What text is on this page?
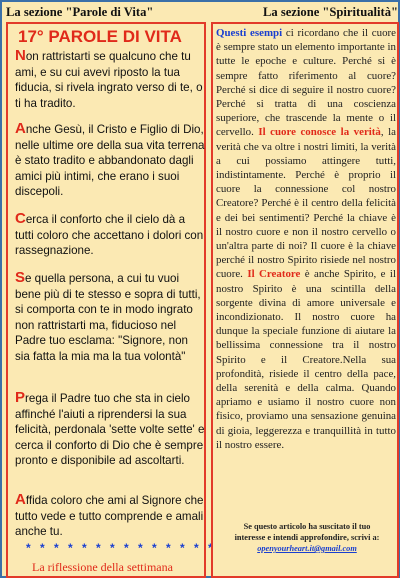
La sezione "Parole di Vita"	La sezione "Spiritualità"
17° PAROLE DI VITA
Non rattristarti se qualcuno che tu ami, e su cui avevi riposto la tua fiducia, si rivela ingrato verso di te, o ti ha tradito.
Anche Gesù, il Cristo e Figlio di Dio, nelle ultime ore della sua vita terrena è stato tradito e abbandonato dagli amici più intimi, che erano i suoi discepoli.
Cerca il conforto che il cielo dà a tutti coloro che accettano i dolori con rassegnazione.
Se quella persona, a cui tu vuoi bene più di te stesso e sopra di tutti, si comporta con te in modo ingrato non rattristarti ma, fiducioso nel Padre tuo esclama: "Signore, non sia fatta la mia ma la tua volontà"
Prega il Padre tuo che sta in cielo affinché l'aiuti a riprendersi la sua felicità, perdonala 'sette volte sette' e cerca il conforto di Dio che è sempre pronto e disponibile ad ascoltarti.
Affida coloro che ami al Signore che tutto vede e tutto comprende e amali anche tu.
* * * * * * * * * * * * * *
La riflessione della settimana
Questi esempi ci ricordano che il cuore è sempre stato un elemento importante in tutte le epoche e culture. Perché si è sempre fatto riferimento al cuore? Perché si dice di seguire il nostro cuore? Perché si tratta di una coscienza superiore, che trascende la mente o il cervello. Il cuore conosce la verità, la verità che va oltre i nostri limiti, la verità a cui possiamo attingere tutti, indistintamente. Perché è proprio il cuore la connessione col nostro Creatore? Perché è il centro della felicità e dei bei sentimenti? Perché la chiave è il nostro cuore e non il nostro cervello o un'altra parte di noi? Il cuore è la chiave perché il nostro Spirito risiede nel nostro cuore. Il Creatore è anche Spirito, e il nostro Spirito è una scintilla della sorgente divina di amore universale e incondizionato. Il nostro cuore ha dunque la speciale funzione di aiutare la bellissima connessione tra il nostro Spirito e il Creatore.Nella sua profondità, risiede il centro della pace, della serenità e della calma. Quando apriamo e usiamo il nostro cuore non fisico, proviamo una sensazione genuina di gioia, leggerezza e tranquillità in tutto il nostro essere.
Se questo articolo ha suscitato il tuo
interesse e intendi approfondire, scrivi a:
openyourheart.it@gmail.com
